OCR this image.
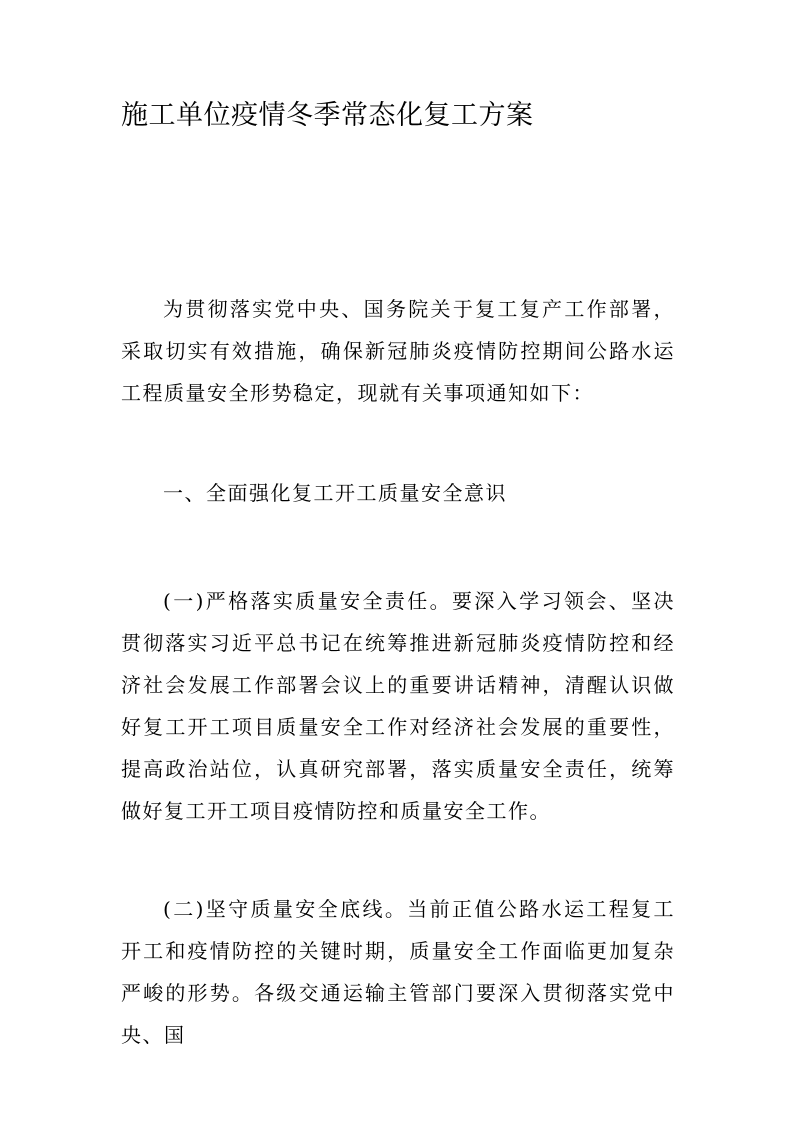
施工单位疫情冬季常态化复工方案

为贯彻落实党中央、国务院关于复工复产工作部署，采取切实有效措施，确保新冠肺炎疫情防控期间公路水运工程质量安全形势稳定，现就有关事项通知如下：

一、全面强化复工开工质量安全意识

(一)严格落实质量安全责任。要深入学习领会、坚决贯彻落实习近平总书记在统筹推进新冠肺炎疫情防控和经济社会发展工作部署会议上的重要讲话精神，清醒认识做好复工开工项目质量安全工作对经济社会发展的重要性，提高政治站位，认真研究部署，落实质量安全责任，统筹做好复工开工项目疫情防控和质量安全工作。

(二)坚守质量安全底线。当前正值公路水运工程复工开工和疫情防控的关键时期，质量安全工作面临更加复杂严峻的形势。各级交通运输主管部门要深入贯彻落实党中央、国
